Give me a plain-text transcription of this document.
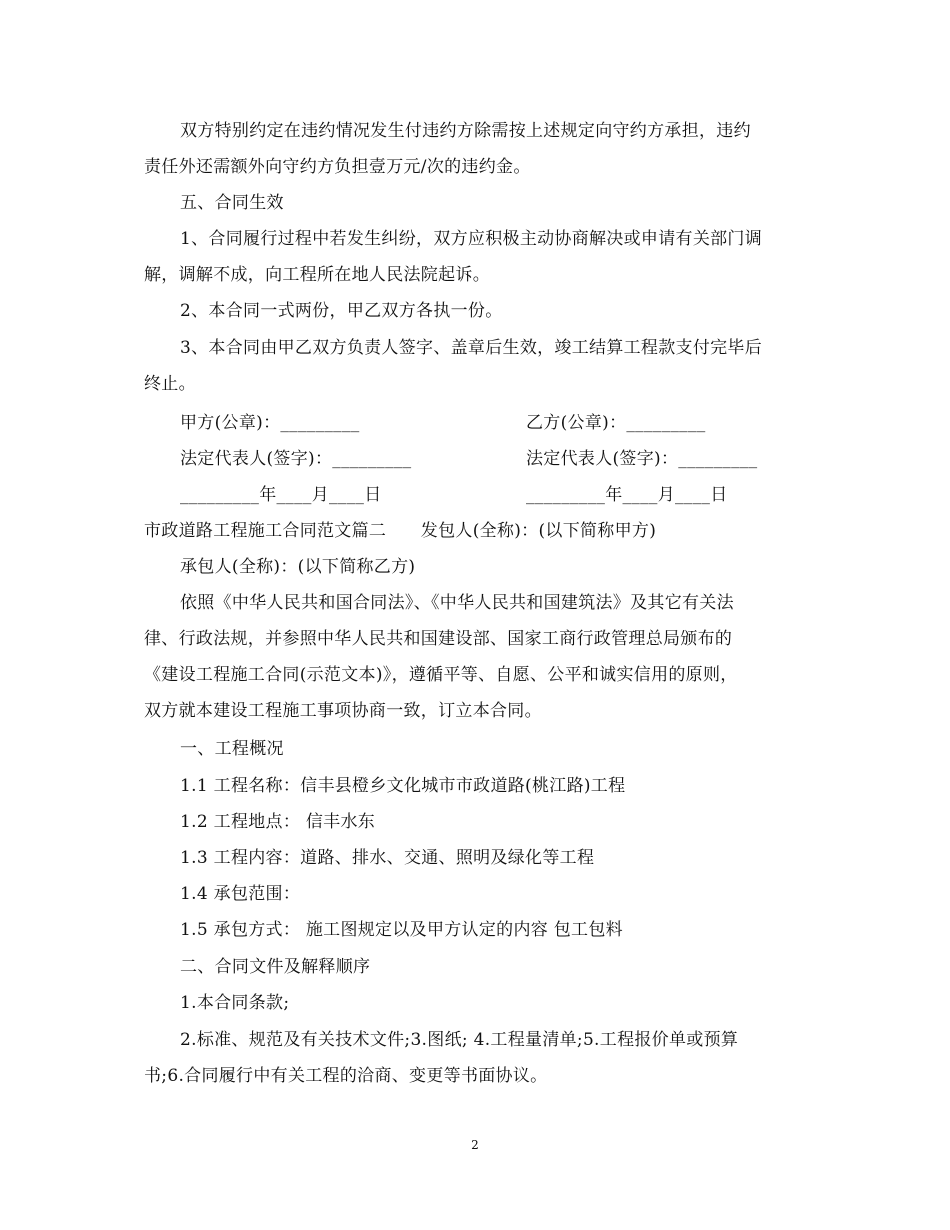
双方特别约定在违约情况发生付违约方除需按上述规定向守约方承担，违约
责任外还需额外向守约方负担壹万元/次的违约金。
五、合同生效
1、合同履行过程中若发生纠纷，双方应积极主动协商解决或申请有关部门调
解，调解不成，向工程所在地人民法院起诉。
2、本合同一式两份，甲乙双方各执一份。
3、本合同由甲乙双方负责人签字、盖章后生效，竣工结算工程款支付完毕后
终止。
甲方(公章)：_________	乙方(公章)：_________
法定代表人(签字)：_________	法定代表人(签字)：_________
_________年____月____日	_________年____月____日
市政道路工程施工合同范文篇二　　发包人(全称)：(以下简称甲方)
承包人(全称)：(以下简称乙方)
依照《中华人民共和国合同法》、《中华人民共和国建筑法》及其它有关法
律、行政法规，并参照中华人民共和国建设部、国家工商行政管理总局颁布的
《建设工程施工合同(示范文本)》，遵循平等、自愿、公平和诚实信用的原则，
双方就本建设工程施工事项协商一致，订立本合同。
一、工程概况
1.1 工程名称：信丰县橙乡文化城市市政道路(桃江路)工程
1.2 工程地点： 信丰水东
1.3 工程内容：道路、排水、交通、照明及绿化等工程
1.4 承包范围：
1.5 承包方式： 施工图规定以及甲方认定的内容 包工包料
二、合同文件及解释顺序
1.本合同条款;
2.标准、规范及有关技术文件;3.图纸; 4.工程量清单;5.工程报价单或预算
书;6.合同履行中有关工程的洽商、变更等书面协议。
2
